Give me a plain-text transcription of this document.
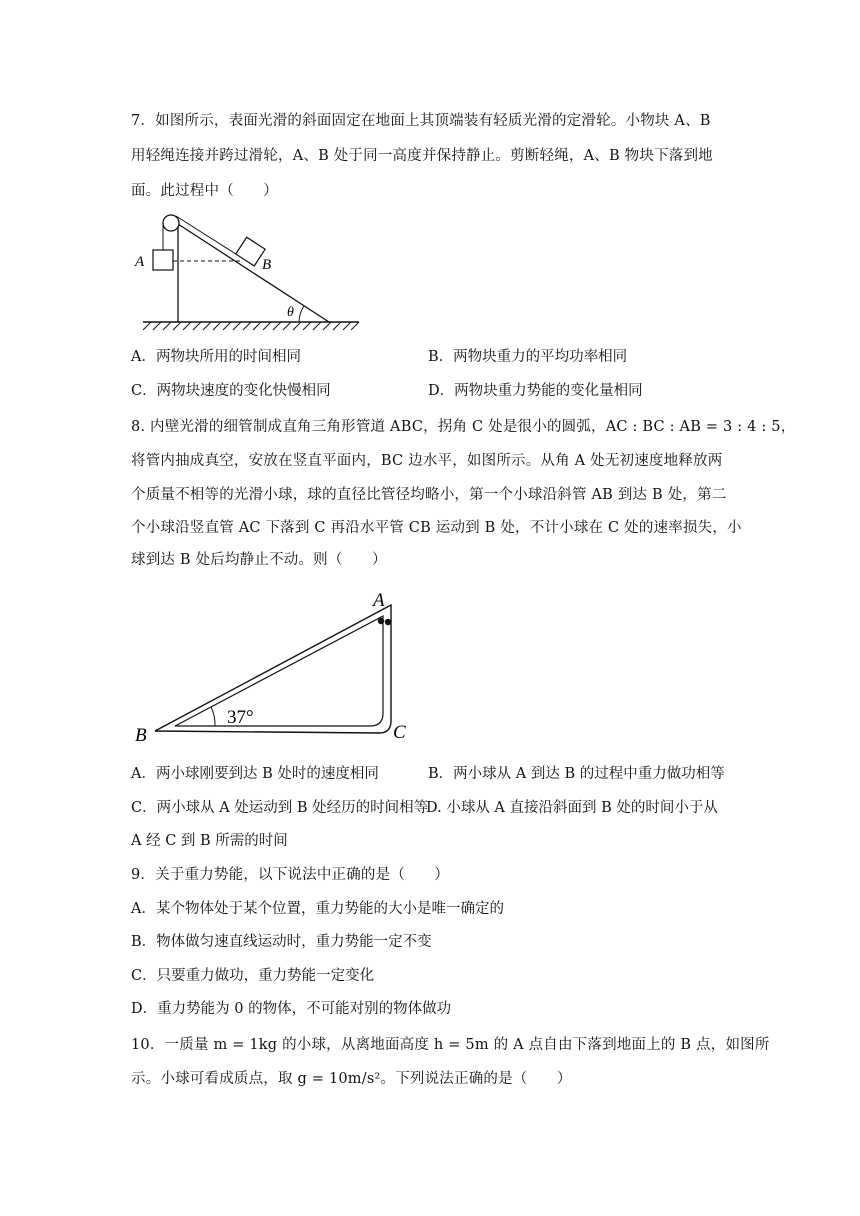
7．如图所示，表面光滑的斜面固定在地面上其顶端装有轻质光滑的定滑轮。小物块 A、B
用轻绳连接并跨过滑轮，A、B 处于同一高度并保持静止。剪断轻绳，A、B 物块下落到地
面。此过程中（　　）
A	B
θ
A．两物块所用的时间相同	B．两物块重力的平均功率相同
C．两物块速度的变化快慢相同	D．两物块重力势能的变化量相同
8. 内壁光滑的细管制成直角三角形管道 ABC，拐角 C 处是很小的圆弧，AC : BC : AB = 3 : 4 : 5，
将管内抽成真空，安放在竖直平面内，BC 边水平，如图所示。从角 A 处无初速度地释放两
个质量不相等的光滑小球，球的直径比管径均略小，第一个小球沿斜管 AB 到达 B 处，第二
个小球沿竖直管 AC 下落到 C 再沿水平管 CB 运动到 B 处，不计小球在 C 处的速率损失，小
球到达 B 处后均静止不动。则（　　）
A
B	C
37°
A．两小球刚要到达 B 处时的速度相同	B．两小球从 A 到达 B 的过程中重力做功相等
C．两小球从 A 处运动到 B 处经历的时间相等
D. 小球从 A 直接沿斜面到 B 处的时间小于从
A 经 C 到 B 所需的时间
9．关于重力势能，以下说法中正确的是（　　）
A．某个物体处于某个位置，重力势能的大小是唯一确定的
B．物体做匀速直线运动时，重力势能一定不变
C．只要重力做功，重力势能一定变化
D．重力势能为 0 的物体，不可能对别的物体做功
10．一质量 m = 1kg 的小球，从离地面高度 h = 5m 的 A 点自由下落到地面上的 B 点，如图所
示。小球可看成质点，取 g = 10m/s²。下列说法正确的是（　　）
